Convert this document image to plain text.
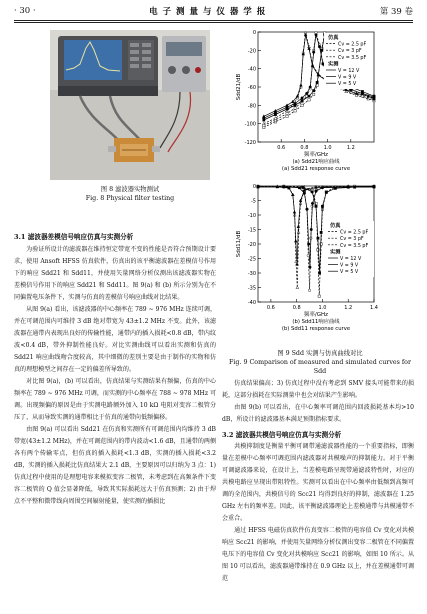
· 30 ·	电 子 测 量 与 仪 器 学 报	第 39 卷
图 8 滤波器实物测试
Fig. 8 Physical filter testing
3.1 滤波器差模信号响应仿真与实测分析

为验证所设计的滤波器在维持恒定带宽不变的性能是否符合预期设计要求，使用 Ansoft HFSS 仿真软件，仿真出的该平衡滤波器在差模信号作用下的响应 Sdd21 和 Sdd11，并使用矢量网络分析仪测出该滤波器实物在差模信号作用下的响应 Sdd21 和 Sdd11。图 9(a) 和 (b) 所示分别为在不同偏置电压条件下，实测与仿真的差模信号响应曲线对比结果。

从图 9(a) 看出，该滤波器的中心频率在 789 ~ 976 MHz 连续可调，并在可调范围内可维持 3 dB 绝对带宽为 43±1.2 MHz 不变。此外，该滤波器在通带内表现出良好的传输性能，通带内的插入损耗<0.8 dB，带内纹波<0.4 dB，带外抑制性能良好。对比实测曲线可以看出实测和仿真的 Sdd21 响应曲线吻合度较高，其中细微的差别主要是由于制作的实物和仿真的理想模型之间存在一定的偏差所导致的。

对比图 9(a)，(b) 可以看出，仿真结果与实测结果有频偏，仿真的中心频率在 789 ~ 976 MHz 可调，而实测的中心频率在 788 ~ 978 MHz 可调。出现频偏的原因是由于实测电路额外加入 10 kΩ 电阻对变容二极管分压了，从而导致实测的通带相比于仿真的通带向低频偏移。

由图 9(a) 可以看出 Sdd21 在仿真和实测所有可调范围内均维持 3 dB 带宽(43±1.2 MHz)，并在可调范围内的带内波动<1.6 dB，且通带的两侧各有两个传输零点，但仿真的插入损耗<1.3 dB，实测的插入损耗<3.2 dB，实测的插入损耗比仿真结果大 2.1 dB，主要原因可以归纳为 3 点：1) 仿真过程中使用的是理想电容来模拟变容二极管，未考虑到在高频条件下变容二极管的 Q 值会显著降低，导致其实际损耗远大于仿真预测；2) 由于焊点不平整和微带线向周围空间辐射能量，使实测的插损比

0
-20
-40
-60
-80
-100
-120
0.6	0.8	1.0	1.2
Sdd21/dB
频率/GHz
(a) Sdd21响应曲线
(a) Sdd21 response curve
仿真
Cv = 2.5 pF
Cv = 3 pF
Cv = 3.5 pF
实测
V = 12 V
V = 9 V
V = 5 V
0
-5
-10
-15
-20
-25
-30
-35
-40
0.6	0.8	1.0	1.2	1.4
Sdd11/dB
频率/GHz
(b) Sdd11响应曲线
(b) Sdd11 response curve
仿真
Cv = 2.5 pF
Cv = 3 pF
Cv = 3.5 pF
实测
V = 12 V
V = 9 V
V = 5 V
图 9 Sdd 实测与仿真曲线对比
Fig. 9 Comparison of measured and simulated curves for Sdd

仿真结果偏高；3) 仿真过程中没有考虑到 SMV 接头可能带来的损耗，这部分损耗在实际测量中也会对结果产生影响。

由图 9(b) 可以看出，在中心频率可调范围内回波损耗基本均>10 dB，所设计的滤波器基本满足预期指标要求。

3.2 滤波器共模信号响应仿真与实测分析

共模抑制度是衡量平衡可调带通滤波器性能的一个重要指标，即衡量在差模中心频率可调范围内滤波器对共模噪声的抑制能力。对于平衡可调滤波器来说，在设计上，当差模电路呈现带通滤波特性时，对应的共模电路应呈现出带阻特性。实测可以看出在中心频率由低频到高频可调的全范围内，共模信号的 Scc21 均得到良好的抑制，滤波器在 1.25 GHz 左右的频率差。因此，该平衡滤波器理论上差模通带与共模通带不会重合。

通过 HFSS 电磁仿真软件仿真变容二极管的电容值 Cv 变化对共模响应 Scc21 的影响，并使用矢量网络分析仪测出变容二极管在不同偏置电压下的电容值 Cv 变化对共模响应 Scc21 的影响，如图 10 所示。从图 10 可以看出，滤波器通带维持在 0.9 GHz 以上，并在差模通带可调范
